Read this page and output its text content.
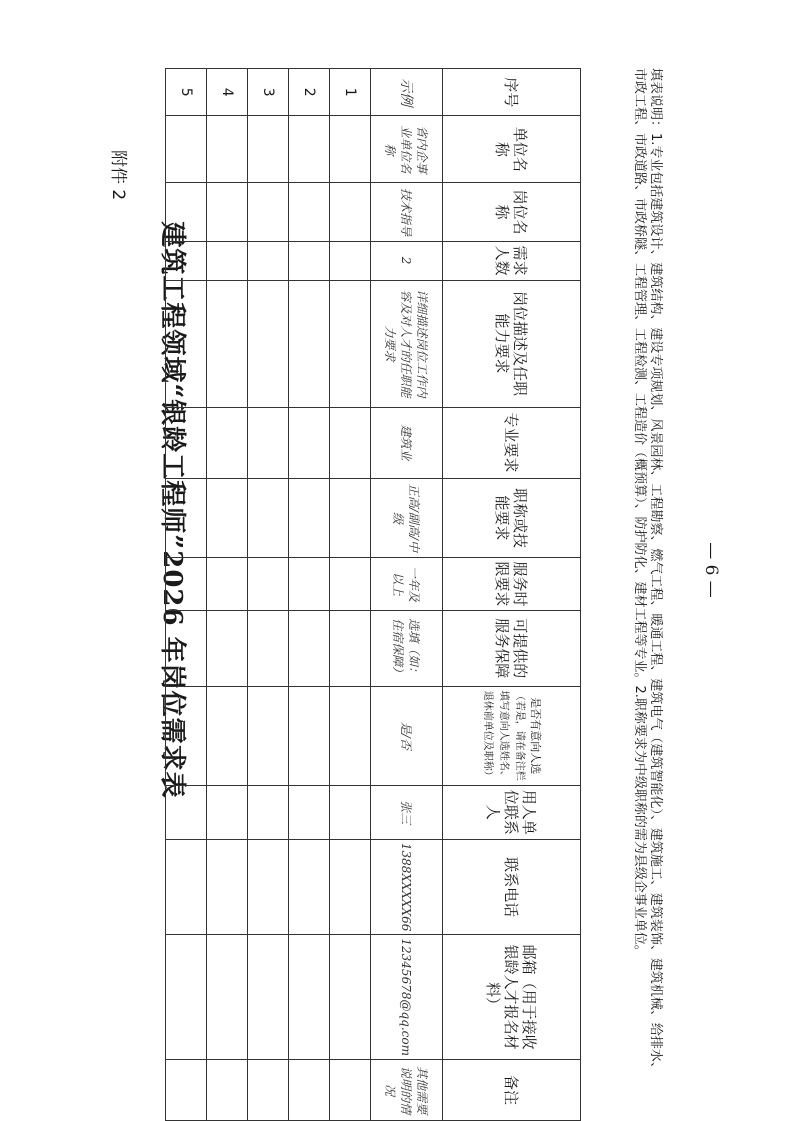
附件 2
建筑工程领域“银龄工程师”2026 年岗位需求表
序号	单位名称	岗位名称	需求人数	岗位描述及任职能力要求	专业要求	职称或技能要求	服务时限要求	可提供的服务保障	是否有意向人选（若是，请在备注栏填写意向人选姓名、退休前单位及职称）	用人单位联系人	联系电话	邮箱（用于接收银龄人才报名材料）	备注
示例	省内企事业单位名称	技术指导	2	详细描述岗位工作内容及对人才的任职能力要求	建筑业	正高/副高/中级	一年及以上	选填（如：住宿保障）	是/否	张三	1388XXXXX66	12345678@qq.com	其他需要说明的情况
1													
2													
3													
4													
5														填表说明：1.专业包括建筑设计、建筑结构、建设专项规划、风景园林、工程勘察、燃气工程、暖通工程、建筑电气（建筑智能化）、建筑施工、建筑装饰、建筑机械、给排水、市政工程、市政道路、市政桥隧、工程管理、工程检测、工程造价（概预算）、防护防化、建材工程等专业。2.职称要求为中级职称的需为县级企事业单位。	— 6 —
